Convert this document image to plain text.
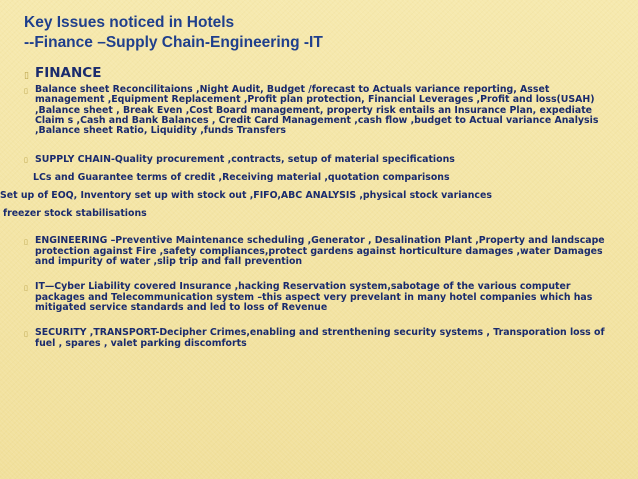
Key Issues noticed in Hotels
--Finance –Supply Chain-Engineering -IT
▯ FINANCE
▯ Balance sheet Reconcilitaions ,Night Audit, Budget /forecast to Actuals variance reporting, Asset management ,Equipment Replacement ,Profit plan protection, Financial Leverages ,Profit and loss(USAH) ,Balance sheet , Break Even ,Cost Board management, property risk entails an Insurance Plan, expediate Claim s ,Cash and Bank Balances , Credit Card Management ,cash flow ,budget to Actual variance Analysis ,Balance sheet Ratio, Liquidity ,funds Transfers
▯ SUPPLY CHAIN-Quality procurement ,contracts, setup of material specifications
LCs and Guarantee terms of credit ,Receiving material ,quotation comparisons
Set up of EOQ, Inventory set up with stock out ,FIFO,ABC ANALYSIS ,physical stock variances
freezer stock stabilisations
▯ ENGINEERING –Preventive Maintenance scheduling ,Generator , Desalination Plant ,Property and landscape protection against Fire ,safety compliances,protect gardens against horticulture damages ,water Damages and impurity of water ,slip trip and fall prevention
▯ IT—Cyber Liability covered Insurance ,hacking Reservation system,sabotage of the various computer packages and Telecommunication system –this aspect very prevelant in many hotel companies which has mitigated service standards and led to loss of Revenue
▯ SECURITY ,TRANSPORT-Decipher Crimes,enabling and strenthening security systems , Transporation loss of fuel , spares , valet parking discomforts
